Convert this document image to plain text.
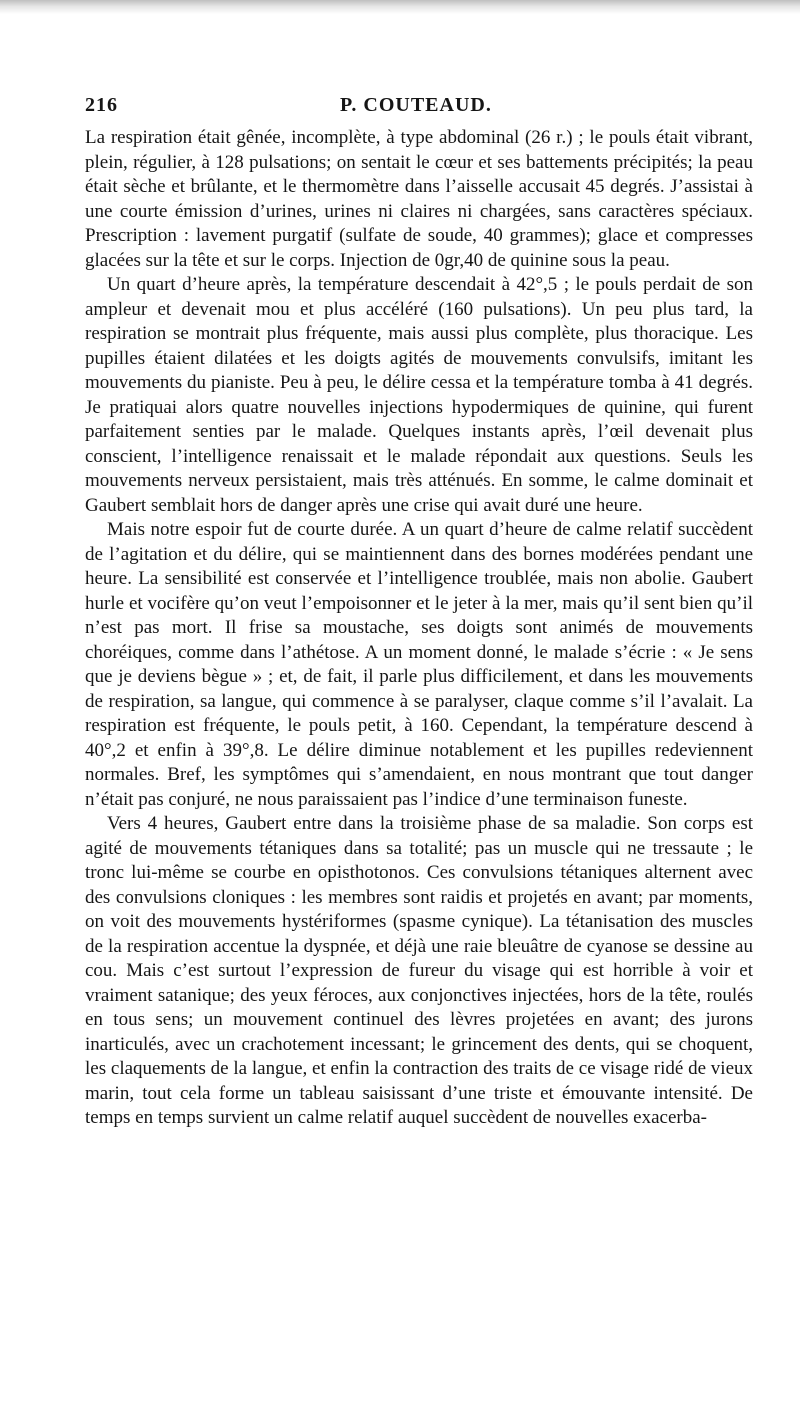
216	P. COUTEAUD.

La respiration était gênée, incomplète, à type abdominal (26 r.) ; le pouls était vibrant, plein, régulier, à 128 pulsations; on sentait le cœur et ses battements précipités; la peau était sèche et brûlante, et le thermomètre dans l’aisselle accusait 45 degrés. J’assistai à une courte émission d’urines, urines ni claires ni chargées, sans caractères spéciaux. Prescription : lavement purgatif (sulfate de soude, 40 grammes); glace et compresses glacées sur la tête et sur le corps. Injection de 0gr,40 de quinine sous la peau.

Un quart d’heure après, la température descendait à 42°,5 ; le pouls perdait de son ampleur et devenait mou et plus accéléré (160 pulsations). Un peu plus tard, la respiration se montrait plus fréquente, mais aussi plus complète, plus thoracique. Les pupilles étaient dilatées et les doigts agités de mouvements convulsifs, imitant les mouvements du pianiste. Peu à peu, le délire cessa et la température tomba à 41 degrés. Je pratiquai alors quatre nouvelles injections hypodermiques de quinine, qui furent parfaitement senties par le malade. Quelques instants après, l’œil devenait plus conscient, l’intelligence renaissait et le malade répondait aux questions. Seuls les mouvements nerveux persistaient, mais très atténués. En somme, le calme dominait et Gaubert semblait hors de danger après une crise qui avait duré une heure.

Mais notre espoir fut de courte durée. A un quart d’heure de calme relatif succèdent de l’agitation et du délire, qui se maintiennent dans des bornes modérées pendant une heure. La sensibilité est conservée et l’intelligence troublée, mais non abolie. Gaubert hurle et vocifère qu’on veut l’empoisonner et le jeter à la mer, mais qu’il sent bien qu’il n’est pas mort. Il frise sa moustache, ses doigts sont animés de mouvements choréiques, comme dans l’athétose. A un moment donné, le malade s’écrie : « Je sens que je deviens bègue » ; et, de fait, il parle plus difficilement, et dans les mouvements de respiration, sa langue, qui commence à se paralyser, claque comme s’il l’avalait. La respiration est fréquente, le pouls petit, à 160. Cependant, la température descend à 40°,2 et enfin à 39°,8. Le délire diminue notablement et les pupilles redeviennent normales. Bref, les symptômes qui s’amendaient, en nous montrant que tout danger n’était pas conjuré, ne nous paraissaient pas l’indice d’une terminaison funeste.

Vers 4 heures, Gaubert entre dans la troisième phase de sa maladie. Son corps est agité de mouvements tétaniques dans sa totalité; pas un muscle qui ne tressaute ; le tronc lui-même se courbe en opisthotonos. Ces convulsions tétaniques alternent avec des convulsions cloniques : les membres sont raidis et projetés en avant; par moments, on voit des mouvements hystériformes (spasme cynique). La tétanisation des muscles de la respiration accentue la dyspnée, et déjà une raie bleuâtre de cyanose se dessine au cou. Mais c’est surtout l’expression de fureur du visage qui est horrible à voir et vraiment satanique; des yeux féroces, aux conjonctives injectées, hors de la tête, roulés en tous sens; un mouvement continuel des lèvres projetées en avant; des jurons inarticulés, avec un crachotement incessant; le grincement des dents, qui se choquent, les claquements de la langue, et enfin la contraction des traits de ce visage ridé de vieux marin, tout cela forme un tableau saisissant d’une triste et émouvante intensité. De temps en temps survient un calme relatif auquel succèdent de nouvelles exacerba-
